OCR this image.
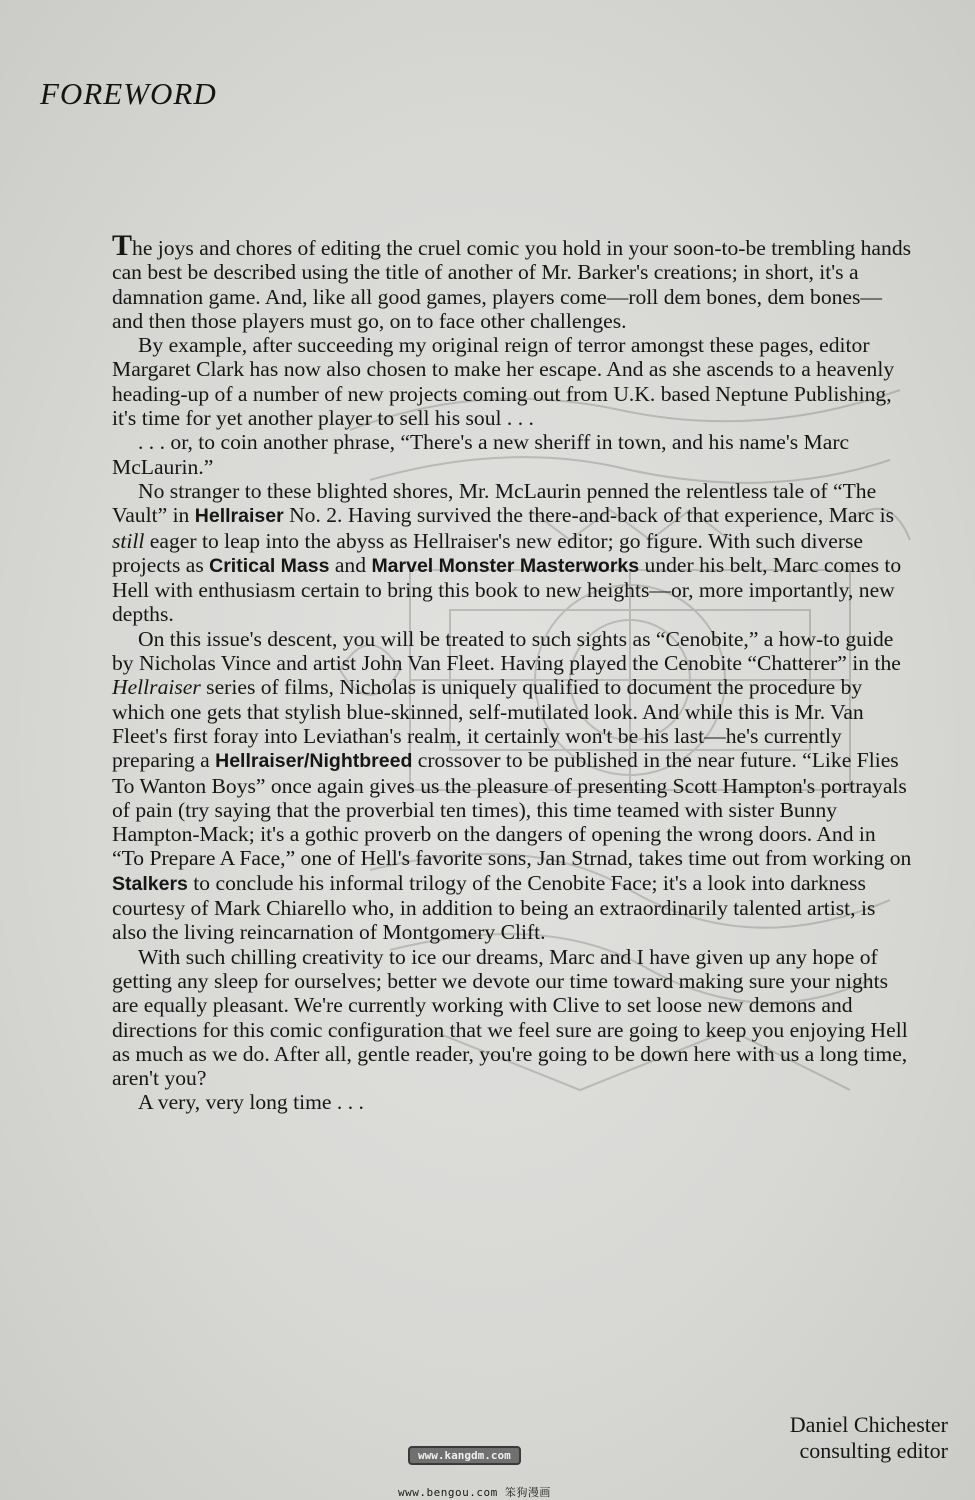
FOREWORD

The joys and chores of editing the cruel comic you hold in your soon-to-be trembling hands can best be described using the title of another of Mr. Barker's creations; in short, it's a damnation game. And, like all good games, players come—roll dem bones, dem bones—and then those players must go, on to face other challenges.

By example, after succeeding my original reign of terror amongst these pages, editor Margaret Clark has now also chosen to make her escape. And as she ascends to a heavenly heading-up of a number of new projects coming out from U.K. based Neptune Publishing, it's time for yet another player to sell his soul . . .

. . . or, to coin another phrase, “There's a new sheriff in town, and his name's Marc McLaurin.”

No stranger to these blighted shores, Mr. McLaurin penned the relentless tale of “The Vault” in Hellraiser No. 2. Having survived the there-and-back of that experience, Marc is still eager to leap into the abyss as Hellraiser's new editor; go figure. With such diverse projects as Critical Mass and Marvel Monster Masterworks under his belt, Marc comes to Hell with enthusiasm certain to bring this book to new heights—or, more importantly, new depths.

On this issue's descent, you will be treated to such sights as “Cenobite,” a how-to guide by Nicholas Vince and artist John Van Fleet. Having played the Cenobite “Chatterer” in the Hellraiser series of films, Nicholas is uniquely qualified to document the procedure by which one gets that stylish blue-skinned, self-mutilated look. And while this is Mr. Van Fleet's first foray into Leviathan's realm, it certainly won't be his last—he's currently preparing a Hellraiser/Nightbreed crossover to be published in the near future. “Like Flies To Wanton Boys” once again gives us the pleasure of presenting Scott Hampton's portrayals of pain (try saying that the proverbial ten times), this time teamed with sister Bunny Hampton-Mack; it's a gothic proverb on the dangers of opening the wrong doors. And in “To Prepare A Face,” one of Hell's favorite sons, Jan Strnad, takes time out from working on Stalkers to conclude his informal trilogy of the Cenobite Face; it's a look into darkness courtesy of Mark Chiarello who, in addition to being an extraordinarily talented artist, is also the living reincarnation of Montgomery Clift.

With such chilling creativity to ice our dreams, Marc and I have given up any hope of getting any sleep for ourselves; better we devote our time toward making sure your nights are equally pleasant. We're currently working with Clive to set loose new demons and directions for this comic configuration that we feel sure are going to keep you enjoying Hell as much as we do. After all, gentle reader, you're going to be down here with us a long time, aren't you?

A very, very long time . . .

Daniel Chichester
consulting editor
www.kangdm.com
www.bengou.com 笨狗漫画
